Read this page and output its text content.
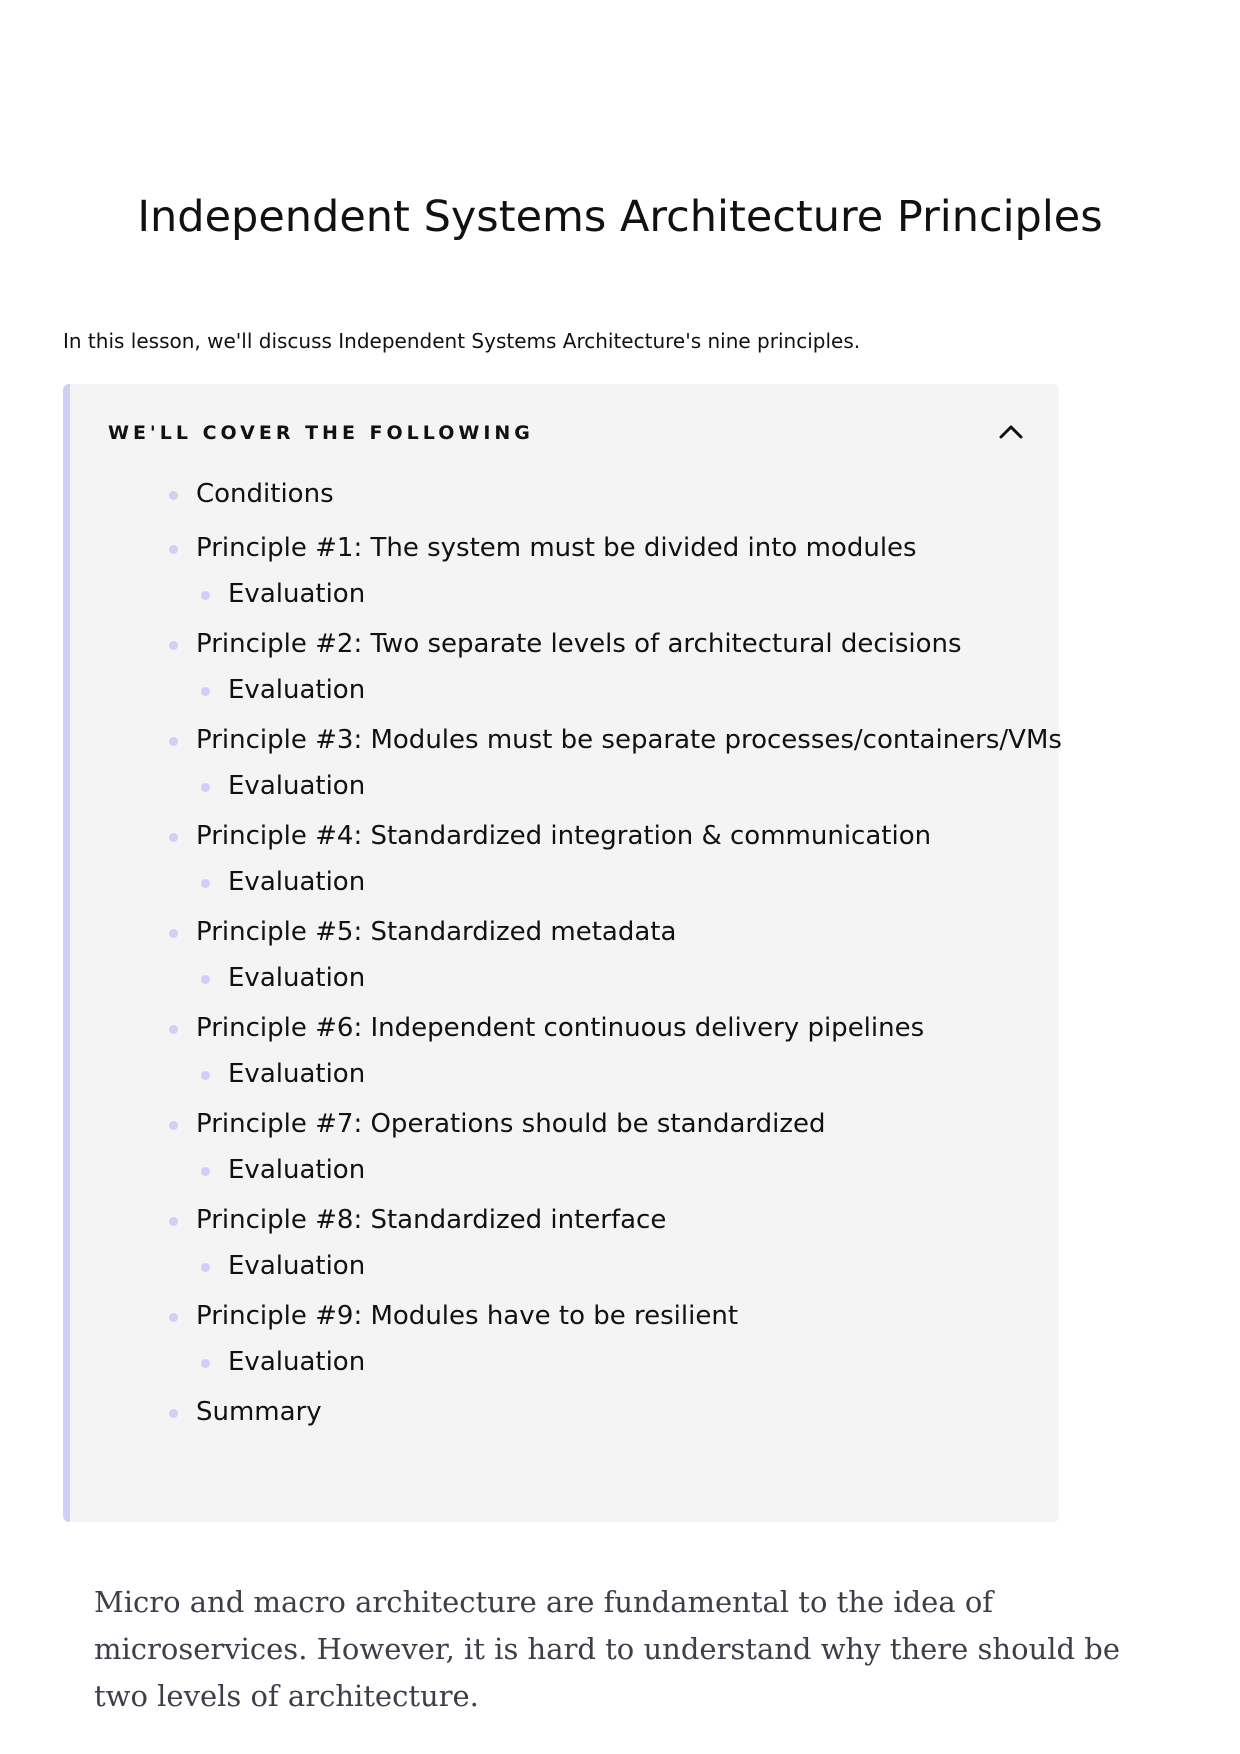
Independent Systems Architecture Principles

In this lesson, we'll discuss Independent Systems Architecture's nine principles.

WE'LL COVER THE FOLLOWING
Conditions
Principle #1: The system must be divided into modules
Evaluation
Principle #2: Two separate levels of architectural decisions
Evaluation
Principle #3: Modules must be separate processes/containers/VMs
Evaluation
Principle #4: Standardized integration & communication
Evaluation
Principle #5: Standardized metadata
Evaluation
Principle #6: Independent continuous delivery pipelines
Evaluation
Principle #7: Operations should be standardized
Evaluation
Principle #8: Standardized interface
Evaluation
Principle #9: Modules have to be resilient
Evaluation
Summary

Micro and macro architecture are fundamental to the idea of microservices. However, it is hard to understand why there should be two levels of architecture.
